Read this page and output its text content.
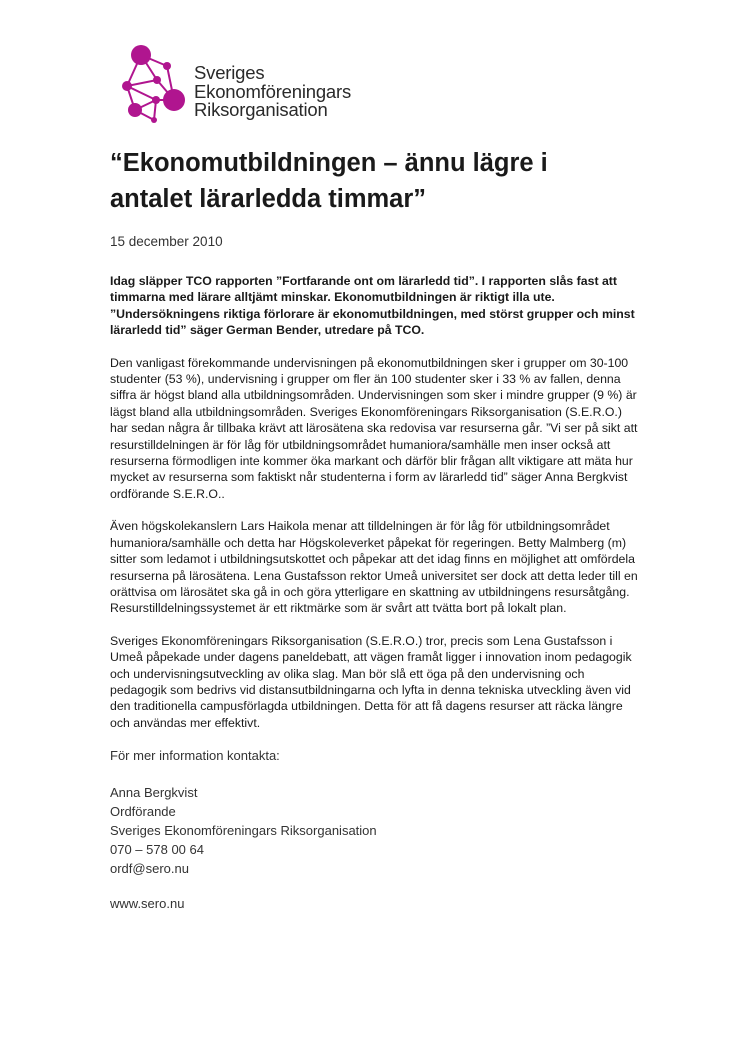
Sveriges
Ekonomföreningars
Riksorganisation
“Ekonomutbildningen – ännu lägre i antalet lärarledda timmar”
15 december 2010

Idag släpper TCO rapporten ”Fortfarande ont om lärarledd tid”. I rapporten slås fast att timmarna med lärare alltjämt minskar. Ekonomutbildningen är riktigt illa ute. ”Undersökningens riktiga förlorare är ekonomutbildningen, med störst grupper och minst lärarledd tid” säger German Bender, utredare på TCO.

Den vanligast förekommande undervisningen på ekonomutbildningen sker i grupper om 30-100 studenter (53 %), undervisning i grupper om fler än 100 studenter sker i 33 % av fallen, denna siffra är högst bland alla utbildningsområden. Undervisningen som sker i mindre grupper (9 %) är lägst bland alla utbildningsområden. Sveriges Ekonomföreningars Riksorganisation (S.E.R.O.) har sedan några år tillbaka krävt att lärosätena ska redovisa var resurserna går. ”Vi ser på sikt att resurstilldelningen är för låg för utbildningsområdet humaniora/samhälle men inser också att resurserna förmodligen inte kommer öka markant och därför blir frågan allt viktigare att mäta hur mycket av resurserna som faktiskt når studenterna i form av lärarledd tid” säger Anna Bergkvist ordförande S.E.R.O..

Även högskolekanslern Lars Haikola menar att tilldelningen är för låg för utbildningsområdet humaniora/samhälle och detta har Högskoleverket påpekat för regeringen. Betty Malmberg (m) sitter som ledamot i utbildningsutskottet och påpekar att det idag finns en möjlighet att omfördela resurserna på lärosätena. Lena Gustafsson rektor Umeå universitet ser dock att detta leder till en orättvisa om lärosätet ska gå in och göra ytterligare en skattning av utbildningens resursåtgång. Resurstilldelningssystemet är ett riktmärke som är svårt att tvätta bort på lokalt plan.

Sveriges Ekonomföreningars Riksorganisation (S.E.R.O.) tror, precis som Lena Gustafsson i Umeå påpekade under dagens paneldebatt, att vägen framåt ligger i innovation inom pedagogik och undervisningsutveckling av olika slag. Man bör slå ett öga på den undervisning och pedagogik som bedrivs vid distansutbildningarna och lyfta in denna tekniska utveckling även vid den traditionella campusförlagda utbildningen. Detta för att få dagens resurser att räcka längre och användas mer effektivt.

För mer information kontakta:
Anna Bergkvist
Ordförande
Sveriges Ekonomföreningars Riksorganisation
070 – 578 00 64
ordf@sero.nu
www.sero.nu
